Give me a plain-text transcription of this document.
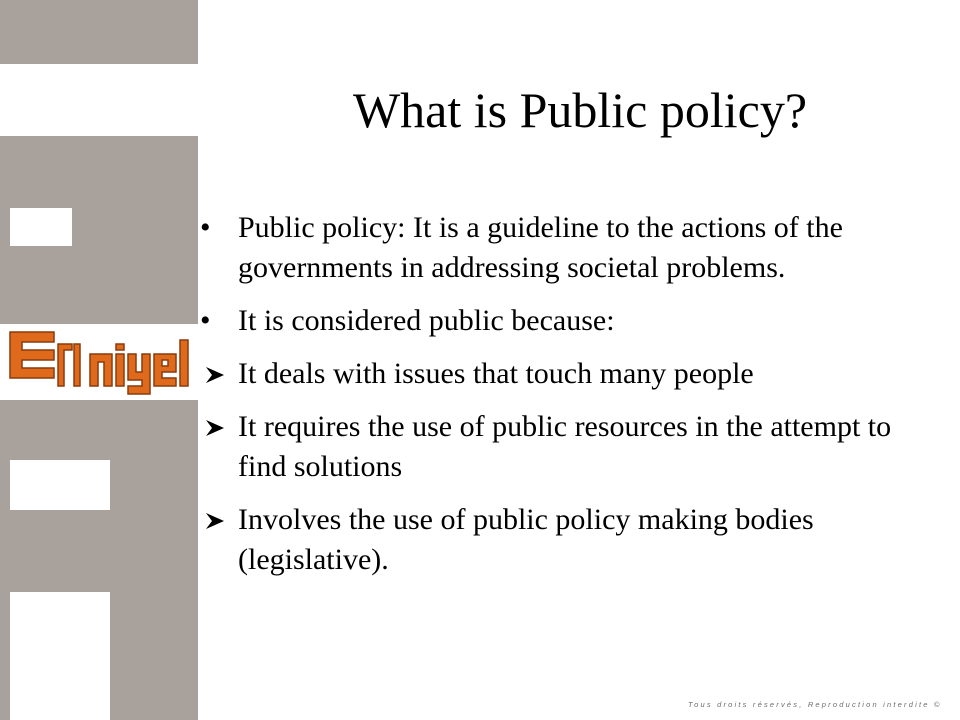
What is Public policy?
• Public policy: It is a guideline to the actions of the governments in addressing societal problems.
• It is considered public because:
It deals with issues that touch many people
It requires the use of public resources in the attempt to find solutions
Involves the use of public policy making bodies (legislative).
Tous droits réservés, Reproduction interdite ©
